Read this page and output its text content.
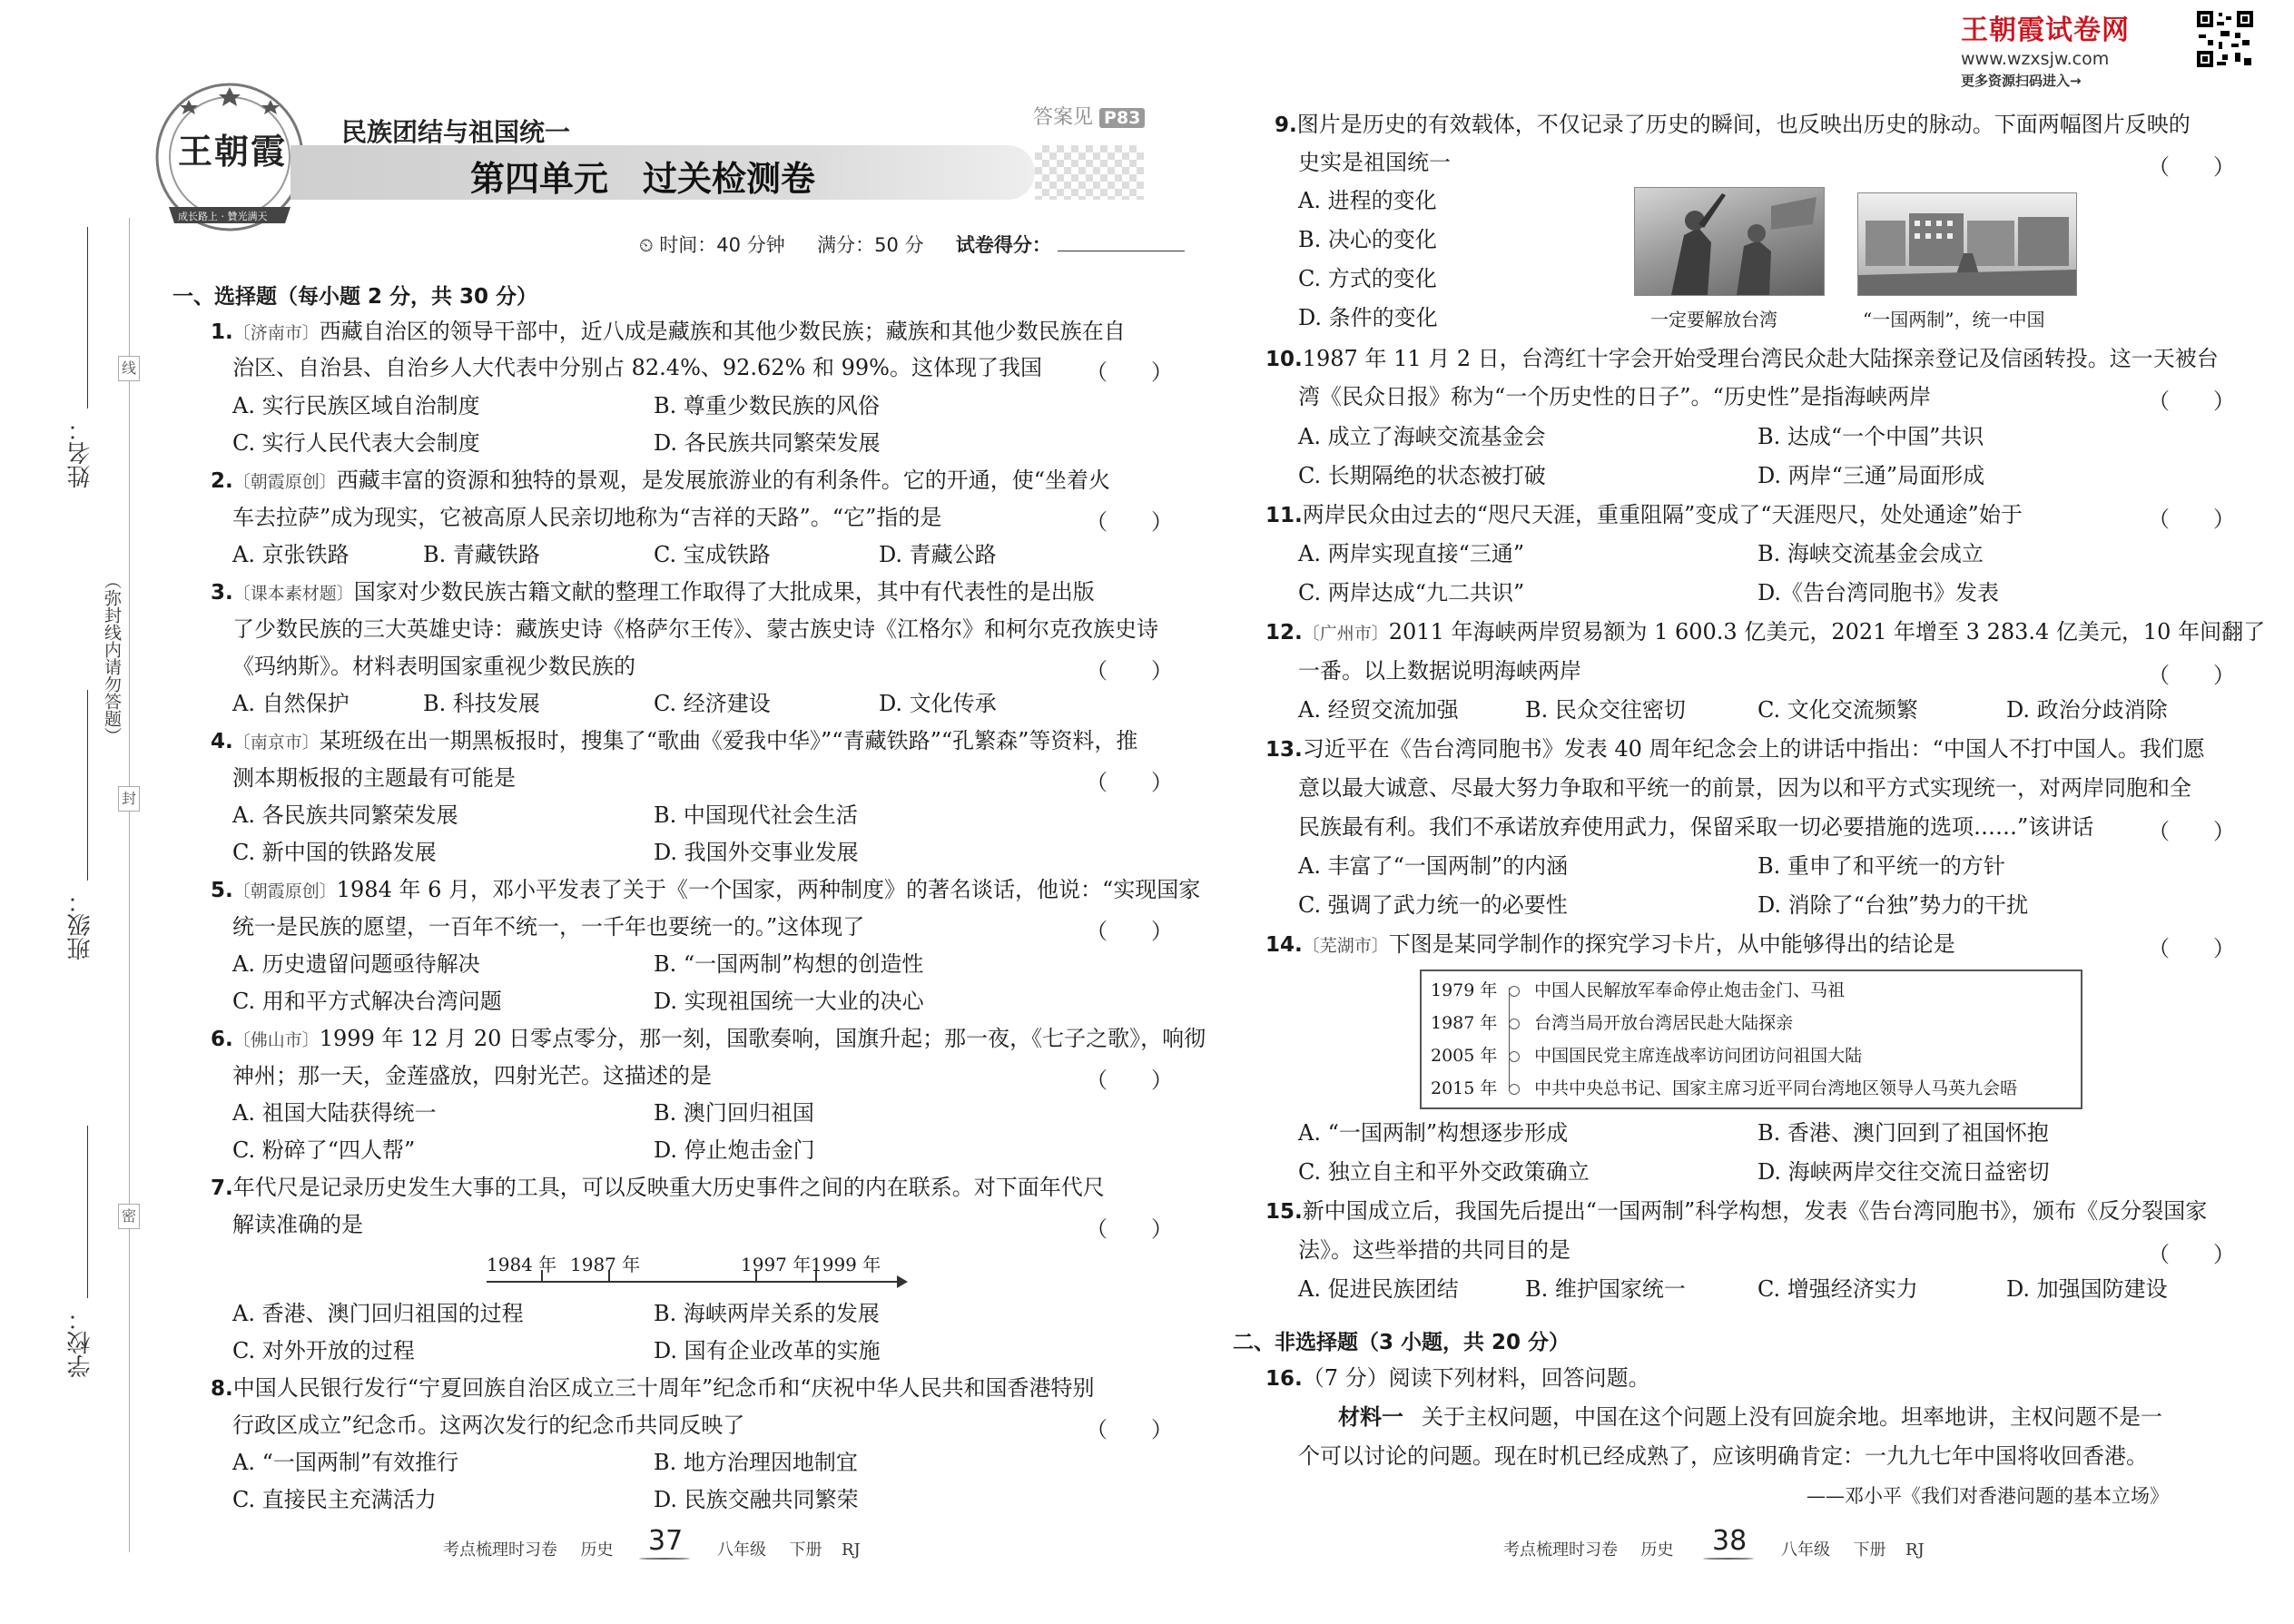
王朝霞试卷网
www.wzxsjw.com
更多资源扫码进入→
王朝霞
成长路上 · 贊光满天
民族团结与祖国统一
第四单元　过关检测卷
答案见 P83
⏲ 时间：40 分钟 满分：50 分 试卷得分：
姓名：
班级：
学校：
（弥封线内请勿答题）
线
封
密
一、选择题（每小题 2 分，共 30 分）
1.〔济南市〕西藏自治区的领导干部中，近八成是藏族和其他少数民族；藏族和其他少数民族在自
治区、自治县、自治乡人大代表中分别占 82.4%、92.62% 和 99%。这体现了我国 （　　）
A. 实行民族区域自治制度	B. 尊重少数民族的风俗
C. 实行人民代表大会制度	D. 各民族共同繁荣发展
2.〔朝霞原创〕西藏丰富的资源和独特的景观，是发展旅游业的有利条件。它的开通，使“坐着火
车去拉萨”成为现实，它被高原人民亲切地称为“吉祥的天路”。“它”指的是	（　　）
A. 京张铁路	B. 青藏铁路	C. 宝成铁路	D. 青藏公路
3.〔课本素材题〕国家对少数民族古籍文献的整理工作取得了大批成果，其中有代表性的是出版
了少数民族的三大英雄史诗：藏族史诗《格萨尔王传》、蒙古族史诗《江格尔》和柯尔克孜族史诗
《玛纳斯》。材料表明国家重视少数民族的	（　　）
A. 自然保护	B. 科技发展	C. 经济建设	D. 文化传承
4.〔南京市〕某班级在出一期黑板报时，搜集了“歌曲《爱我中华》”“青藏铁路”“孔繁森”等资料，推
测本期板报的主题最有可能是	（　　）
A. 各民族共同繁荣发展	B. 中国现代社会生活
C. 新中国的铁路发展	D. 我国外交事业发展
5.〔朝霞原创〕1984 年 6 月，邓小平发表了关于《一个国家，两种制度》的著名谈话，他说：“实现国家
统一是民族的愿望，一百年不统一，一千年也要统一的。”这体现了	（　　）
A. 历史遗留问题亟待解决	B. “一国两制”构想的创造性
C. 用和平方式解决台湾问题	D. 实现祖国统一大业的决心
6.〔佛山市〕1999 年 12 月 20 日零点零分，那一刻，国歌奏响，国旗升起；那一夜，《七子之歌》，响彻
神州；那一天，金莲盛放，四射光芒。这描述的是	（　　）
A. 祖国大陆获得统一	B. 澳门回归祖国
C. 粉碎了“四人帮”	D. 停止炮击金门
7.年代尺是记录历史发生大事的工具，可以反映重大历史事件之间的内在联系。对下面年代尺
解读准确的是	（　　）
1984 年 1987 年	1997 年 1999 年
A. 香港、澳门回归祖国的过程	B. 海峡两岸关系的发展
C. 对外开放的过程	D. 国有企业改革的实施
8.中国人民银行发行“宁夏回族自治区成立三十周年”纪念币和“庆祝中华人民共和国香港特别
行政区成立”纪念币。这两次发行的纪念币共同反映了	（　　）
A. “一国两制”有效推行	B. 地方治理因地制宜
C. 直接民主充满活力	D. 民族交融共同繁荣
考点梳理时习卷 历史 37 八年级 下册 RJ
9.图片是历史的有效载体，不仅记录了历史的瞬间，也反映出历史的脉动。下面两幅图片反映的
史实是祖国统一	（　　）
A. 进程的变化
B. 决心的变化
C. 方式的变化
D. 条件的变化	一定要解放台湾	“一国两制”，统一中国
10.1987 年 11 月 2 日，台湾红十字会开始受理台湾民众赴大陆探亲登记及信函转投。这一天被台
湾《民众日报》称为“一个历史性的日子”。“历史性”是指海峡两岸	（　　）
A. 成立了海峡交流基金会	B. 达成“一个中国”共识
C. 长期隔绝的状态被打破	D. 两岸“三通”局面形成
11.两岸民众由过去的“咫尺天涯，重重阻隔”变成了“天涯咫尺，处处通途”始于	（　　）
A. 两岸实现直接“三通”	B. 海峡交流基金会成立
C. 两岸达成“九二共识”	D.《告台湾同胞书》发表
12.〔广州市〕2011 年海峡两岸贸易额为 1 600.3 亿美元，2021 年增至 3 283.4 亿美元，10 年间翻了
一番。以上数据说明海峡两岸	（　　）
A. 经贸交流加强	B. 民众交往密切	C. 文化交流频繁	D. 政治分歧消除
13.习近平在《告台湾同胞书》发表 40 周年纪念会上的讲话中指出：“中国人不打中国人。我们愿
意以最大诚意、尽最大努力争取和平统一的前景，因为以和平方式实现统一，对两岸同胞和全
民族最有利。我们不承诺放弃使用武力，保留采取一切必要措施的选项……”该讲话 （　　）
A. 丰富了“一国两制”的内涵	B. 重申了和平统一的方针
C. 强调了武力统一的必要性	D. 消除了“台独”势力的干扰
14.〔芜湖市〕下图是某同学制作的探究学习卡片，从中能够得出的结论是	（　　）
1979 年 中国人民解放军奉命停止炮击金门、马祖
1987 年 台湾当局开放台湾居民赴大陆探亲
2005 年 中国国民党主席连战率访问团访问祖国大陆
2015 年 中共中央总书记、国家主席习近平同台湾地区领导人马英九会晤
A. “一国两制”构想逐步形成	B. 香港、澳门回到了祖国怀抱
C. 独立自主和平外交政策确立	D. 海峡两岸交往交流日益密切
15.新中国成立后，我国先后提出“一国两制”科学构想，发表《告台湾同胞书》，颁布《反分裂国家
法》。这些举措的共同目的是	（　　）
A. 促进民族团结	B. 维护国家统一	C. 增强经济实力	D. 加强国防建设
二、非选择题（3 小题，共 20 分）
16.（7 分）阅读下列材料，回答问题。
材料一 关于主权问题，中国在这个问题上没有回旋余地。坦率地讲，主权问题不是一
个可以讨论的问题。现在时机已经成熟了，应该明确肯定：一九九七年中国将收回香港。
——邓小平《我们对香港问题的基本立场》
考点梳理时习卷 历史 38 八年级 下册 RJ
